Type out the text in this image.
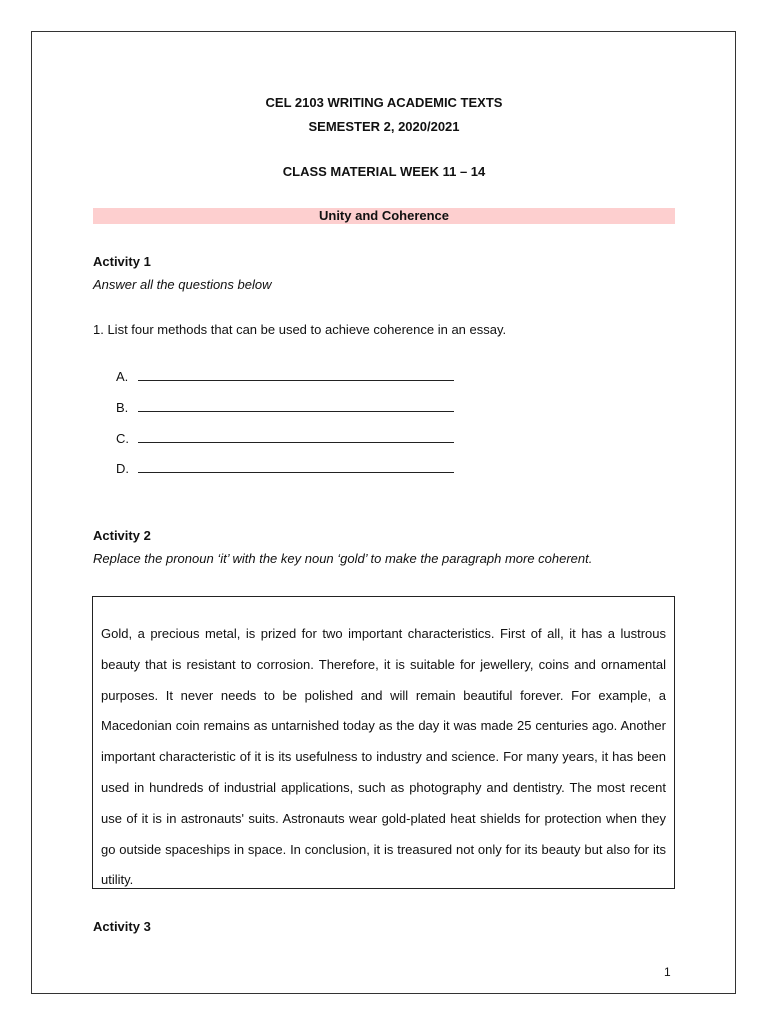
CEL 2103 WRITING ACADEMIC TEXTS
SEMESTER 2, 2020/2021
CLASS MATERIAL WEEK 11 – 14
Unity and Coherence
Activity 1
Answer all the questions below
1. List four methods that can be used to achieve coherence in an essay.
A.
B.
C.
D.
Activity 2
Replace the pronoun ‘it’ with the key noun ‘gold’ to make the paragraph more coherent.

Gold, a precious metal, is prized for two important characteristics. First of all, it has a lustrous beauty that is resistant to corrosion. Therefore, it is suitable for jewellery, coins and ornamental purposes. It never needs to be polished and will remain beautiful forever. For example, a Macedonian coin remains as untarnished today as the day it was made 25 centuries ago. Another important characteristic of it is its usefulness to industry and science. For many years, it has been used in hundreds of industrial applications, such as photography and dentistry. The most recent use of it is in astronauts' suits. Astronauts wear gold-plated heat shields for protection when they go outside spaceships in space. In conclusion, it is treasured not only for its beauty but also for its utility.

Activity 3
1
